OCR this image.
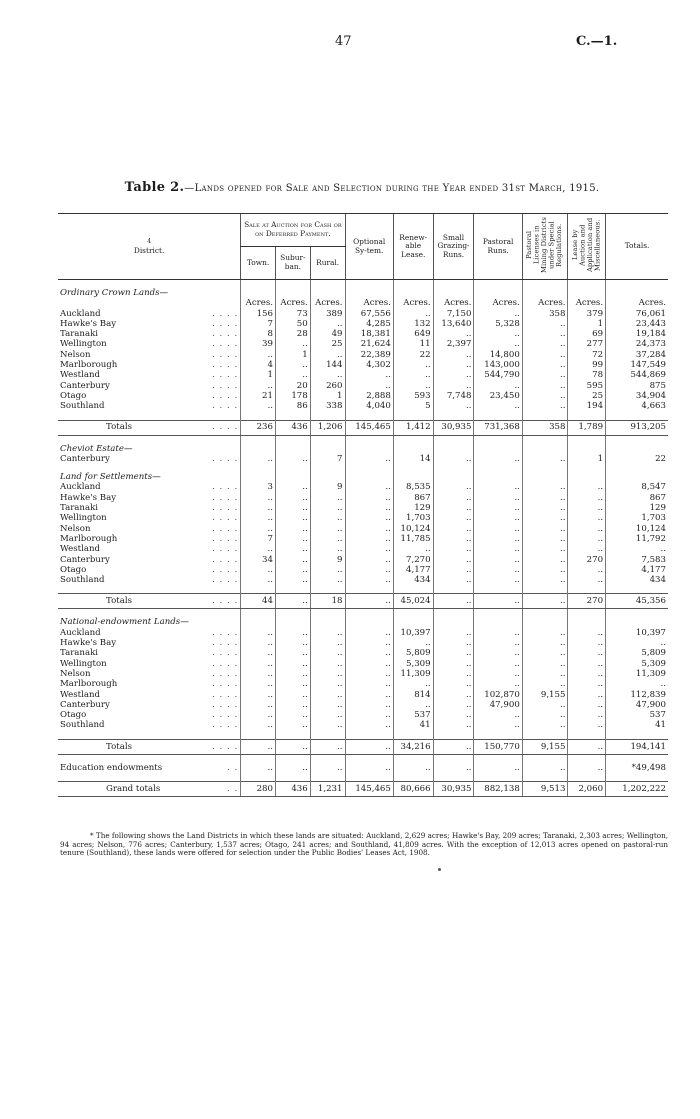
47	C.—1.
Table 2.—Lands opened for Sale and Selection during the Year ended 31st March, 1915.
4
District.	Sale at Auction for Cash or on Deferred Payment.			Optional Sy-tem.	Renew-able Lease.	Small Grazing-Runs.	Pastoral Runs.	Pastoral Licenses in Mining Districts under Special Regulations.	Lease by Auction and Application and Miscellaneous.	Totals.
	Town.	Subur-ban.	Rural.							

Ordinary Crown Lands—										
	Acres.	Acres.	Acres.	Acres.	Acres.	Acres.	Acres.	Acres.	Acres.	Acres.
Auckland . . . .	156	73	389	67,556	..	7,150	..	358	379	76,061
Hawke's Bay . . . .	7	50	..	4,285	132	13,640	5,328	..	1	23,443
Taranaki . . . .	8	28	49	18,381	649	..	..	..	69	19,184
Wellington . . . .	39	..	25	21,624	11	2,397	..	..	277	24,373
Nelson . . . .	..	1	..	22,389	22	..	14,800	..	72	37,284
Marlborough . . . .	4	..	144	4,302	..	..	143,000	..	99	147,549
Westland . . . .	1	..	..	..	..	..	544,790	..	78	544,869
Canterbury . . . .	..	20	260	..	..	..	..	..	595	875
Otago . . . .	21	178	1	2,888	593	7,748	23,450	..	25	34,904
Southland . . . .	..	86	338	4,040	5	..	..	..	194	4,663

Totals . . . .	236	436	1,206	145,465	1,412	30,935	731,368	358	1,789	913,205

Cheviot Estate—										
Canterbury . . . .	..	..	7	..	14	..	..	..	1	22

Land for Settlements—										
Auckland . . . .	3	..	9	..	8,535	..	..	..	..	8,547
Hawke's Bay . . . .	..	..	..	..	867	..	..	..	..	867
Taranaki . . . .	..	..	..	..	129	..	..	..	..	129
Wellington . . . .	..	..	..	..	1,703	..	..	..	..	1,703
Nelson . . . .	..	..	..	..	10,124	..	..	..	..	10,124
Marlborough . . . .	7	..	..	..	11,785	..	..	..	..	11,792
Westland . . . .	..	..	..	..	..	..	..	..	..	..
Canterbury . . . .	34	..	9	..	7,270	..	..	..	270	7,583
Otago . . . .	..	..	..	..	4,177	..	..	..	..	4,177
Southland . . . .	..	..	..	..	434	..	..	..	..	434

Totals . . . .	44	..	18	..	45,024	..	..	..	270	45,356

National-endowment Lands—										
Auckland . . . .	..	..	..	..	10,397	..	..	..	..	10,397
Hawke's Bay . . . .	..	..	..	..	..	..	..	..	..	..
Taranaki . . . .	..	..	..	..	5,809	..	..	..	..	5,809
Wellington . . . .	..	..	..	..	5,309	..	..	..	..	5,309
Nelson . . . .	..	..	..	..	11,309	..	..	..	..	11,309
Marlborough . . . .	..	..	..	..	..	..	..	..	..	..
Westland . . . .	..	..	..	..	814	..	102,870	9,155	..	112,839
Canterbury . . . .	..	..	..	..	..	..	47,900	..	..	47,900
Otago . . . .	..	..	..	..	537	..	..	..	..	537
Southland . . . .	..	..	..	..	41	..	..	..	..	41

Totals . . . .	..	..	..	..	34,216	..	150,770	9,155	..	194,141

Education endowments . .	..	..	..	..	..	..	..	..	..	*49,498

Grand totals . .	280	436	1,231	145,465	80,666	30,935	882,138	9,513	2,060	1,202,222
* The following shows the Land Districts in which these lands are situated: Auckland, 2,629 acres; Hawke's Bay, 209 acres; Taranaki, 2,303 acres; Wellington, 94 acres; Nelson, 776 acres; Canterbury, 1,537 acres; Otago, 241 acres; and Southland, 41,809 acres. With the exception of 12,013 acres opened on pastoral-run tenure (Southland), these lands were offered for selection under the Public Bodies' Leases Act, 1908.
